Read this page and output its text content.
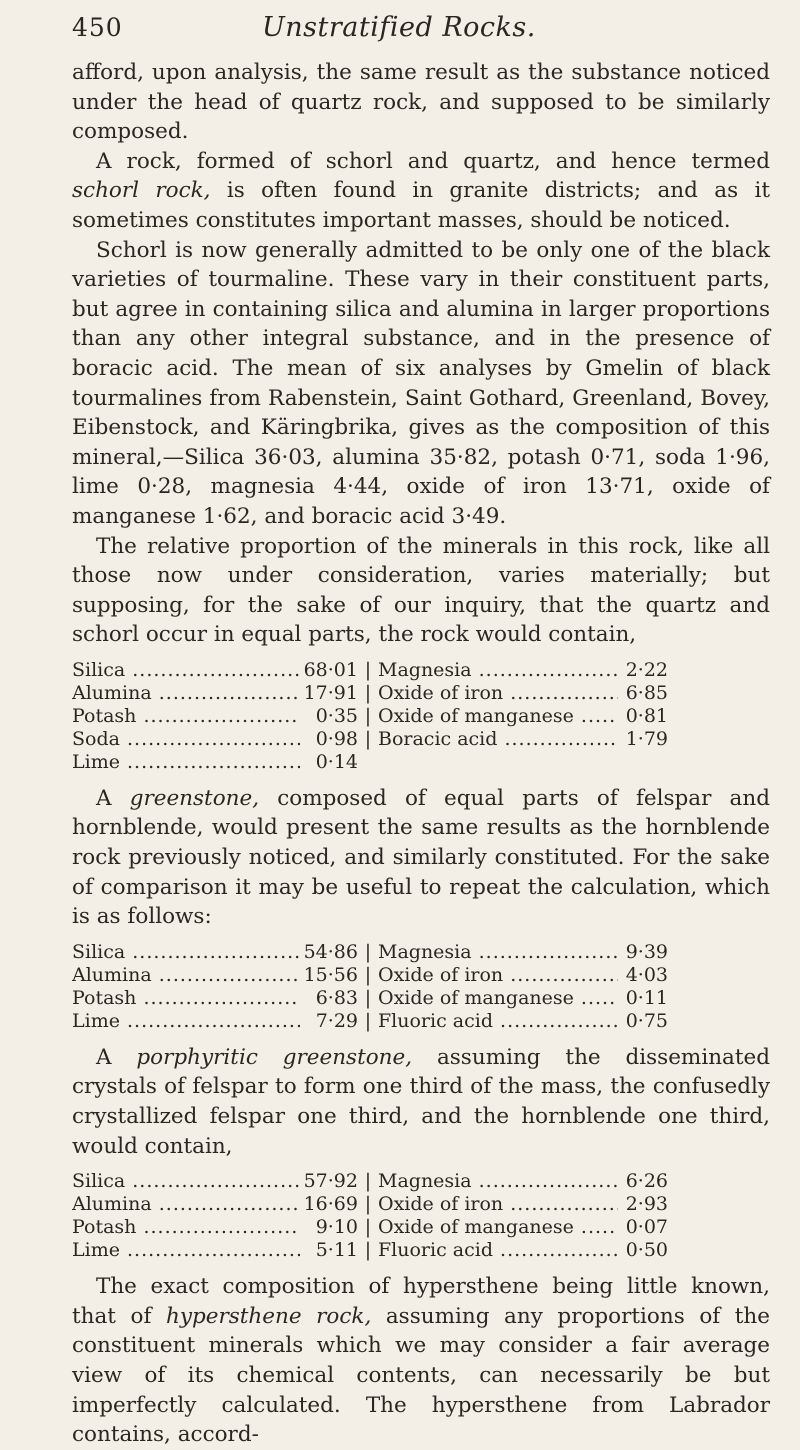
450	Unstratified Rocks.

afford, upon analysis, the same result as the substance noticed under the head of quartz rock, and supposed to be similarly composed.

A rock, formed of schorl and quartz, and hence termed schorl rock, is often found in granite districts; and as it sometimes constitutes important masses, should be noticed.

Schorl is now generally admitted to be only one of the black varieties of tourmaline. These vary in their constituent parts, but agree in containing silica and alumina in larger proportions than any other integral substance, and in the presence of boracic acid. The mean of six analyses by Gmelin of black tourmalines from Rabenstein, Saint Gothard, Greenland, Bovey, Eibenstock, and Käringbrika, gives as the composition of this mineral,—Silica 36·03, alumina 35·82, potash 0·71, soda 1·96, lime 0·28, magnesia 4·44, oxide of iron 13·71, oxide of manganese 1·62, and boracic acid 3·49.

The relative proportion of the minerals in this rock, like all those now under consideration, varies materially; but supposing, for the sake of our inquiry, that the quartz and schorl occur in equal parts, the rock would contain,

Silica .....	68·01 | Magnesia .....	2·22
Alumina .....	17·91 | Oxide of iron .....	6·85
Potash .....	0·35 | Oxide of manganese .....	0·81
Soda .....	0·98 | Boracic acid .....	1·79
Lime .....	0·14

A greenstone, composed of equal parts of felspar and hornblende, would present the same results as the hornblende rock previously noticed, and similarly constituted. For the sake of comparison it may be useful to repeat the calculation, which is as follows:

Silica .....	54·86 | Magnesia .....	9·39
Alumina .....	15·56 | Oxide of iron .....	4·03
Potash .....	6·83 | Oxide of manganese .....	0·11
Lime .....	7·29 | Fluoric acid .....	0·75

A porphyritic greenstone, assuming the disseminated crystals of felspar to form one third of the mass, the confusedly crystallized felspar one third, and the hornblende one third, would contain,

Silica .....	57·92 | Magnesia .....	6·26
Alumina .....	16·69 | Oxide of iron .....	2·93
Potash .....	9·10 | Oxide of manganese .....	0·07
Lime .....	5·11 | Fluoric acid .....	0·50

The exact composition of hypersthene being little known, that of hypersthene rock, assuming any proportions of the constituent minerals which we may consider a fair average view of its chemical contents, can necessarily be but imperfectly calculated. The hypersthene from Labrador contains, accord-
